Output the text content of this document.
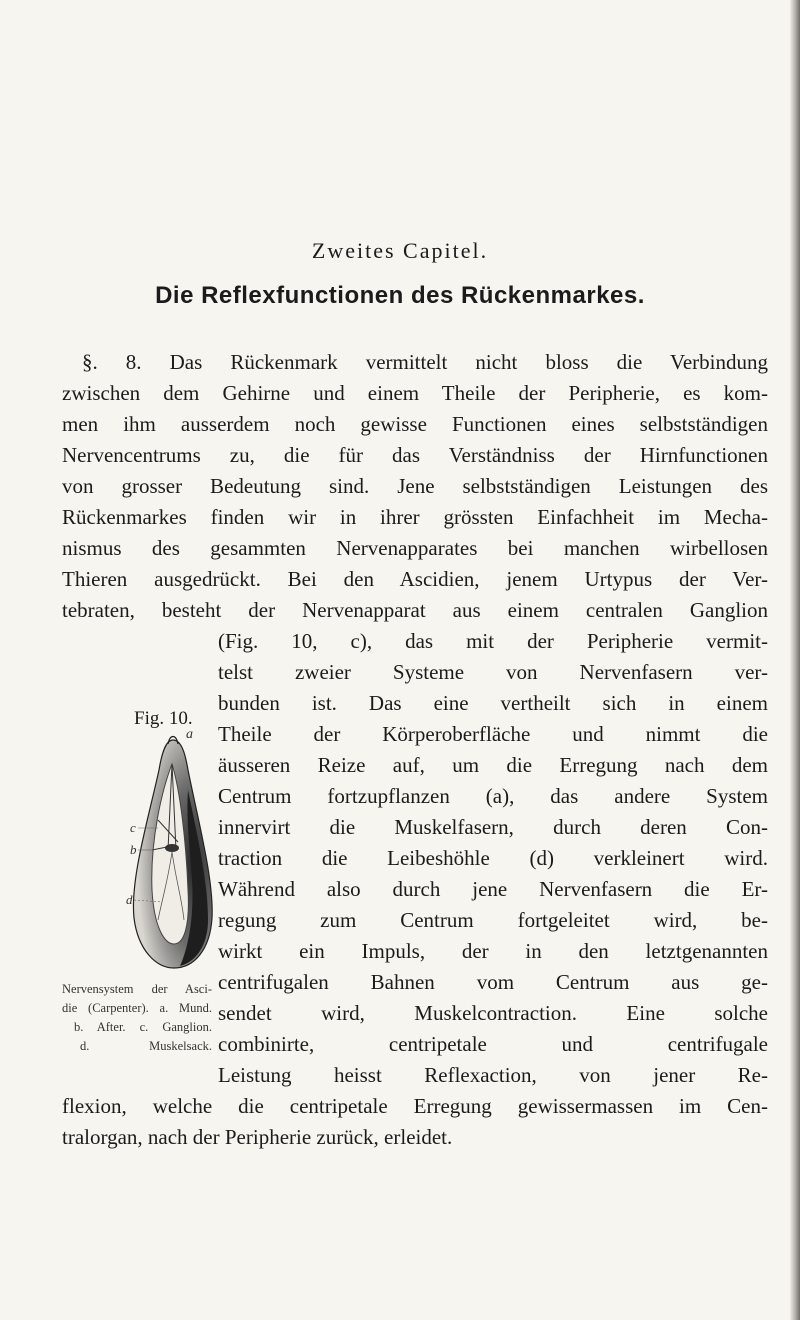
Zweites Capitel.
Die Reflexfunctionen des Rückenmarkes.
§. 8. Das Rückenmark vermittelt nicht bloss die Verbindung
zwischen dem Gehirne und einem Theile der Peripherie, es kom-
men ihm ausserdem noch gewisse Functionen eines selbstständigen
Nervencentrums zu, die für das Verständniss der Hirnfunctionen
von grosser Bedeutung sind. Jene selbstständigen Leistungen des
Rückenmarkes finden wir in ihrer grössten Einfachheit im Mecha-
nismus des gesammten Nervenapparates bei manchen wirbellosen
Thieren ausgedrückt. Bei den Ascidien, jenem Urtypus der Ver-
tebraten, besteht der Nervenapparat aus einem centralen Ganglion
(Fig. 10, c), das mit der Peripherie vermit-
telst zweier Systeme von Nervenfasern ver-
bunden ist. Das eine vertheilt sich in einem
Theile der Körperoberfläche und nimmt die
äusseren Reize auf, um die Erregung nach dem
Centrum fortzupflanzen (a), das andere System
innervirt die Muskelfasern, durch deren Con-
traction die Leibeshöhle (d) verkleinert wird.
Während also durch jene Nervenfasern die Er-
regung zum Centrum fortgeleitet wird, be-
wirkt ein Impuls, der in den letztgenannten
centrifugalen Bahnen vom Centrum aus ge-
sendet wird, Muskelcontraction. Eine solche
combinirte, centripetale und centrifugale
Leistung heisst Reflexaction, von jener Re-
flexion, welche die centripetale Erregung gewissermassen im Cen-
tralorgan, nach der Peripherie zurück, erleidet.
Fig. 10.
a
c
b
d
Nervensystem der Asci-
die (Carpenter). a. Mund.
b. After. c. Ganglion.
d. Muskelsack.
